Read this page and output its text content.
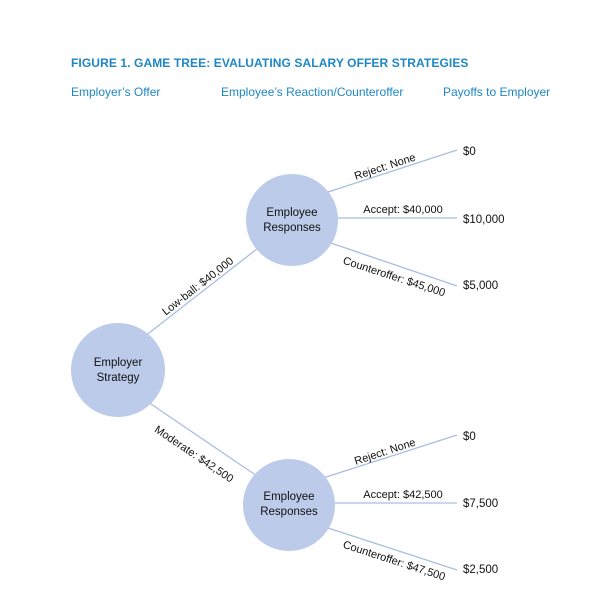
FIGURE 1. GAME TREE: EVALUATING SALARY OFFER STRATEGIES
Employer’s Offer	Employee’s Reaction/Counteroffer	Payoffs to Employer
Employer
Strategy
Employee
Responses
Employee
Responses
Low-ball: $40,000
Moderate: $42,500
Reject: None
Accept: $40,000
Counteroffer: $45,000
Reject: None
Accept: $42,500
Counteroffer: $47,500
$0
$10,000
$5,000
$0
$7,500
$2,500
